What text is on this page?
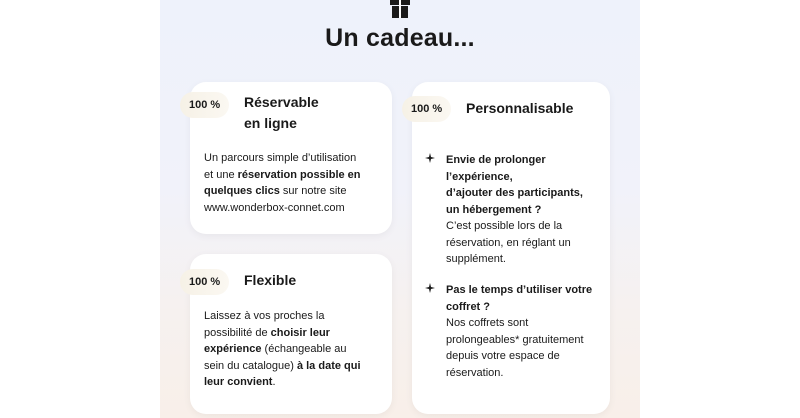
Un cadeau...
100 %	Réservable
en ligne
Un parcours simple d’utilisation
et une réservation possible en
quelques clics sur notre site
www.wonderbox-connet.com
100 %	Flexible
Laissez à vos proches la
possibilité de choisir leur
expérience (échangeable au
sein du catalogue) à la date qui
leur convient.
100 %	Personnalisable
Envie de prolonger
l’expérience,
d’ajouter des participants,
un hébergement ?
C’est possible lors de la
réservation, en réglant un
supplément.
Pas le temps d’utiliser votre
coffret ?
Nos coffrets sont
prolongeables* gratuitement
depuis votre espace de
réservation.
